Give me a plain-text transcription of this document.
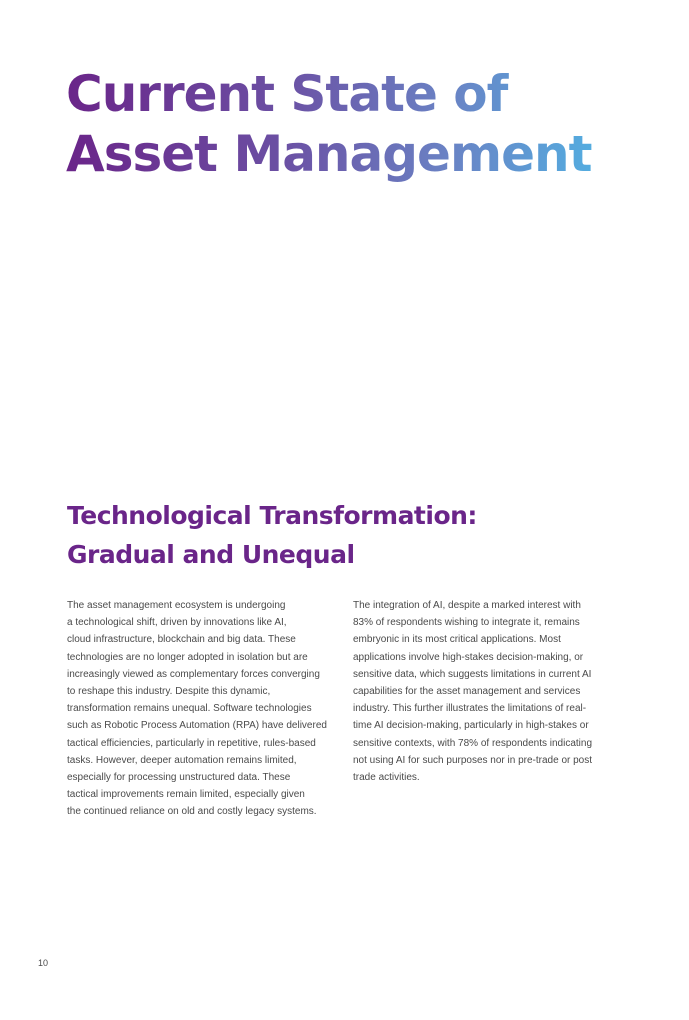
Current State of
Asset Management
Technological Transformation:
Gradual and Unequal
The asset management ecosystem is undergoing
a technological shift, driven by innovations like AI,
cloud infrastructure, blockchain and big data. These
technologies are no longer adopted in isolation but are
increasingly viewed as complementary forces converging
to reshape this industry. Despite this dynamic,
transformation remains unequal. Software technologies
such as Robotic Process Automation (RPA) have delivered
tactical efficiencies, particularly in repetitive, rules-based
tasks. However, deeper automation remains limited,
especially for processing unstructured data. These
tactical improvements remain limited, especially given
the continued reliance on old and costly legacy systems.
The integration of AI, despite a marked interest with
83% of respondents wishing to integrate it, remains
embryonic in its most critical applications. Most
applications involve high-stakes decision-making, or
sensitive data, which suggests limitations in current AI
capabilities for the asset management and services
industry. This further illustrates the limitations of real-
time AI decision-making, particularly in high-stakes or
sensitive contexts, with 78% of respondents indicating
not using AI for such purposes nor in pre-trade or post
trade activities.
10
